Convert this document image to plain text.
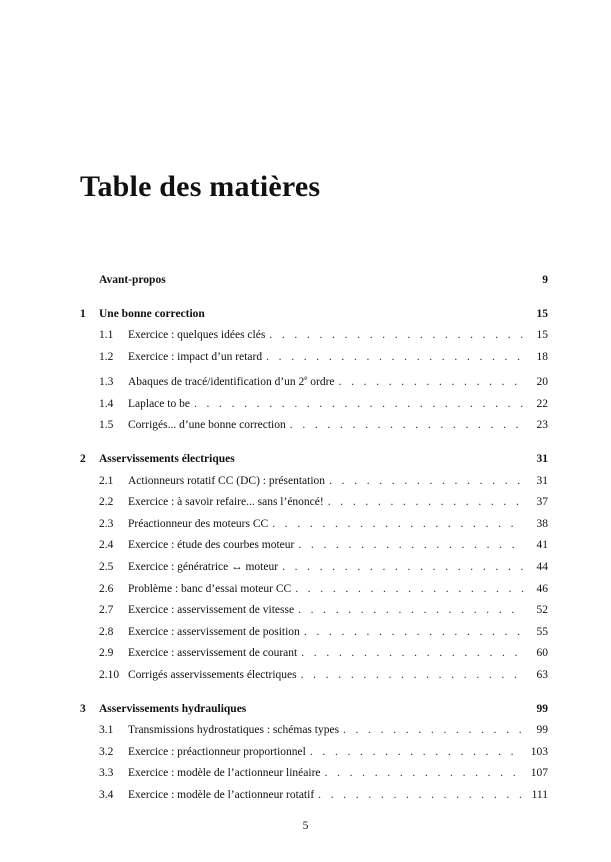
Table des matières
Avant-propos	9
1	Une bonne correction	15
1.1	Exercice : quelques idées clés . . .	15
1.2	Exercice : impact d’un retard . . .	18
1.3	Abaques de tracé/identification d’un 2e ordre . . .	20
1.4	Laplace to be . . .	22
1.5	Corrigés... d’une bonne correction . . .	23
2	Asservissements électriques	31
2.1	Actionneurs rotatif CC (DC) : présentation . . .	31
2.2	Exercice : à savoir refaire... sans l’énoncé! . . .	37
2.3	Préactionneur des moteurs CC . . .	38
2.4	Exercice : étude des courbes moteur . . .	41
2.5	Exercice : génératrice ↔ moteur . . .	44
2.6	Problème : banc d’essai moteur CC . . .	46
2.7	Exercice : asservissement de vitesse . . .	52
2.8	Exercice : asservissement de position . . .	55
2.9	Exercice : asservissement de courant . . .	60
2.10 Corrigés asservissements électriques . . .	63
3	Asservissements hydrauliques	99
3.1	Transmissions hydrostatiques : schémas types . . .	99
3.2	Exercice : préactionneur proportionnel . . .	103
3.3	Exercice : modèle de l’actionneur linéaire . . .	107
3.4	Exercice : modèle de l’actionneur rotatif . . .	111
5
